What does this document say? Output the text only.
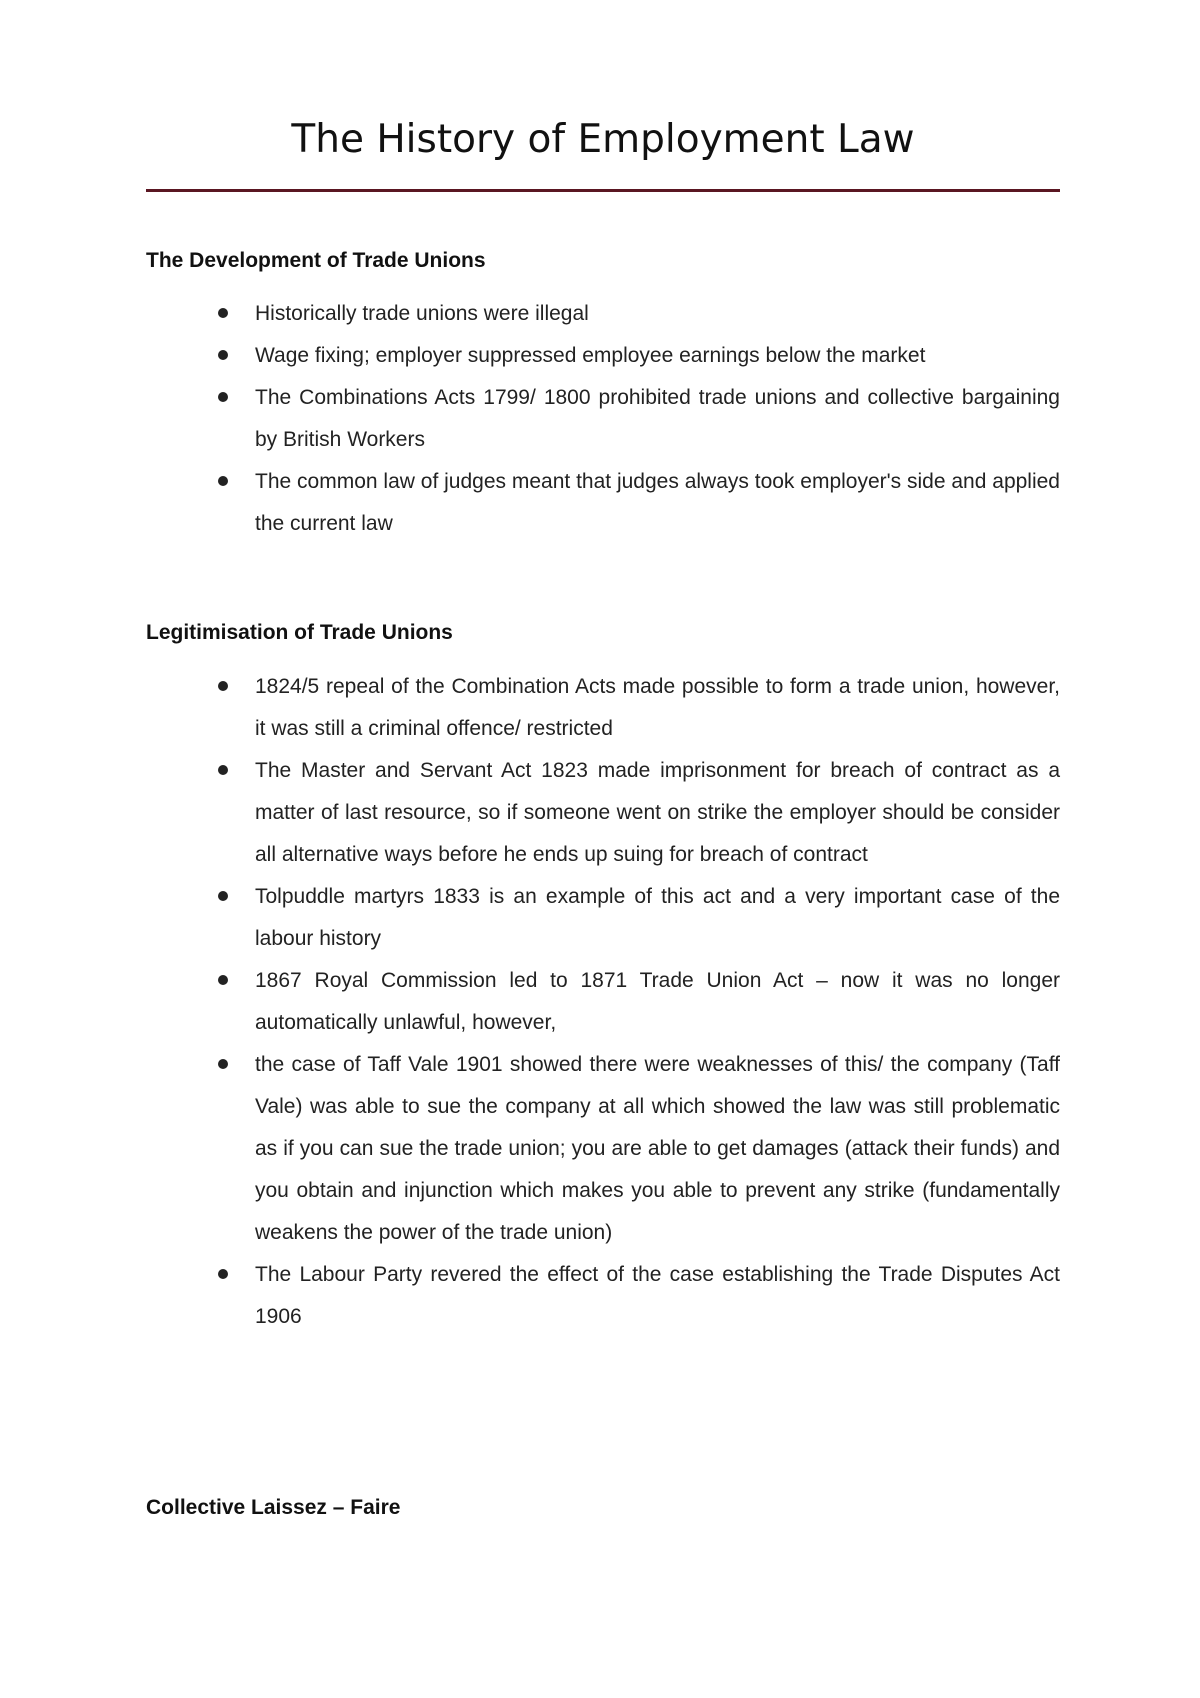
The History of Employment Law
The Development of Trade Unions
Historically trade unions were illegal
Wage fixing; employer suppressed employee earnings below the market
The Combinations Acts 1799/ 1800 prohibited trade unions and collective bargaining by British Workers
The common law of judges meant that judges always took employer's side and applied the current law
Legitimisation of Trade Unions
1824/5 repeal of the Combination Acts made possible to form a trade union, however, it was still a criminal offence/ restricted
The Master and Servant Act 1823 made imprisonment for breach of contract as a matter of last resource, so if someone went on strike the employer should be consider all alternative ways before he ends up suing for breach of contract
Tolpuddle martyrs 1833 is an example of this act and a very important case of the labour history
1867 Royal Commission led to 1871 Trade Union Act – now it was no longer automatically unlawful, however,
the case of Taff Vale 1901 showed there were weaknesses of this/ the company (Taff Vale) was able to sue the company at all which showed the law was still problematic as if you can sue the trade union; you are able to get damages (attack their funds) and you obtain and injunction which makes you able to prevent any strike (fundamentally weakens the power of the trade union)
The Labour Party revered the effect of the case establishing the Trade Disputes Act 1906
Collective Laissez – Faire
